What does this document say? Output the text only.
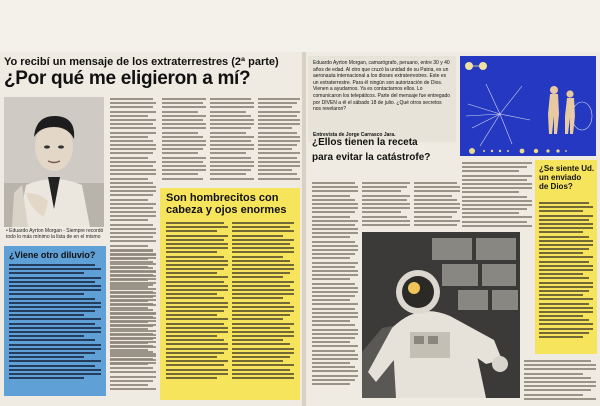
Yo recibí un mensaje de los extraterrestres (2ª parte)
¿Por qué me eligieron a mí?
• Eduardo Ayrton Morgan - Siempre recordó todo lo más mínimo la lista de en el mismo
¿Viene otro diluvio?
Son hombrecitos con
cabeza y ojos enormes
Eduardo Ayrton Morgan, camarógrafo, peruano, entre 30 y 40 años de edad. Al otro que cruzó la unidad de su Patria, es un aeronauta internacional a los dioses extraterrestres. Este es un extraterrestre. Para él ningún son autorización de Dios. Vienen a ayudarnos. Ya es contactarnos ellos. Lo comunicaron los telepáticos. Parte del mensaje fue entregado por DIVEN a él el sábado 18 de julio. ¿Qué otros secretos nos revelaron?
Entrevista de Jorge Carrasco Jara.
¿Ellos tienen la receta
para evitar la catástrofe?
¿Se siente Ud.
un enviado
de Dios?
